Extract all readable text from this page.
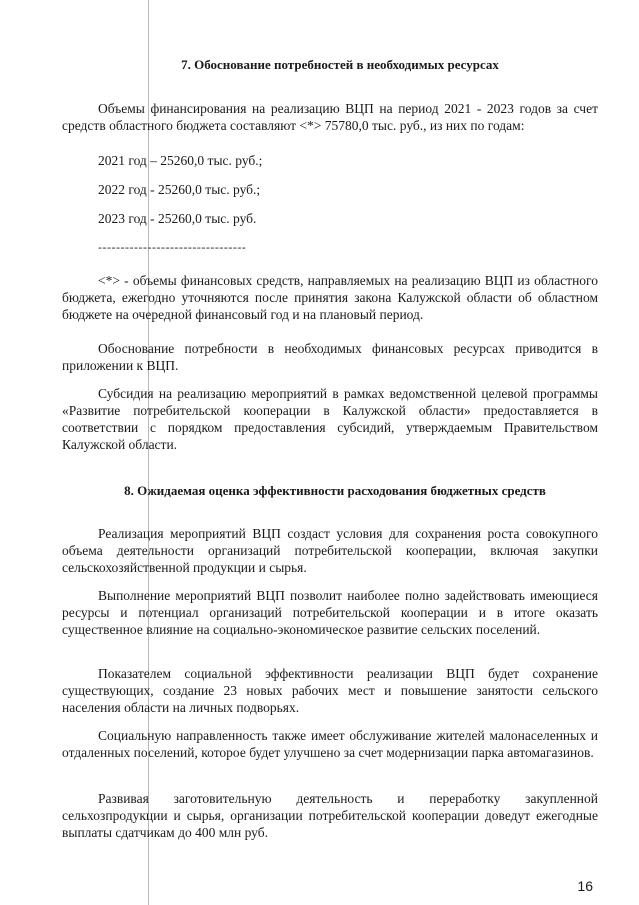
7. Обоснование потребностей в необходимых ресурсах

Объемы финансирования на реализацию ВЦП на период 2021 - 2023 годов за счет средств областного бюджета составляют <*> 75780,0 тыс. руб., из них по годам:

2021 год – 25260,0 тыс. руб.;

2022 год - 25260,0 тыс. руб.;

2023 год - 25260,0 тыс. руб.

---------------------------------

<*> - объемы финансовых средств, направляемых на реализацию ВЦП из областного бюджета, ежегодно уточняются после принятия закона Калужской области об областном бюджете на очередной финансовый год и на плановый период.

Обоснование потребности в необходимых финансовых ресурсах приводится в приложении к ВЦП.

Субсидия на реализацию мероприятий в рамках ведомственной целевой программы «Развитие потребительской кооперации в Калужской области» предоставляется в соответствии с порядком предоставления субсидий, утверждаемым Правительством Калужской области.

8. Ожидаемая оценка эффективности расходования бюджетных средств

Реализация мероприятий ВЦП создаст условия для сохранения роста совокупного объема деятельности организаций потребительской кооперации, включая закупки сельскохозяйственной продукции и сырья.

Выполнение мероприятий ВЦП позволит наиболее полно задействовать имеющиеся ресурсы и потенциал организаций потребительской кооперации и в итоге оказать существенное влияние на социально-экономическое развитие сельских поселений.

Показателем социальной эффективности реализации ВЦП будет сохранение существующих, создание 23 новых рабочих мест и повышение занятости сельского населения области на личных подворьях.

Социальную направленность также имеет обслуживание жителей малонаселенных и отдаленных поселений, которое будет улучшено за счет модернизации парка автомагазинов.

Развивая заготовительную деятельность и переработку закупленной сельхозпродукции и сырья, организации потребительской кооперации доведут ежегодные выплаты сдатчикам до 400 млн руб.

16
